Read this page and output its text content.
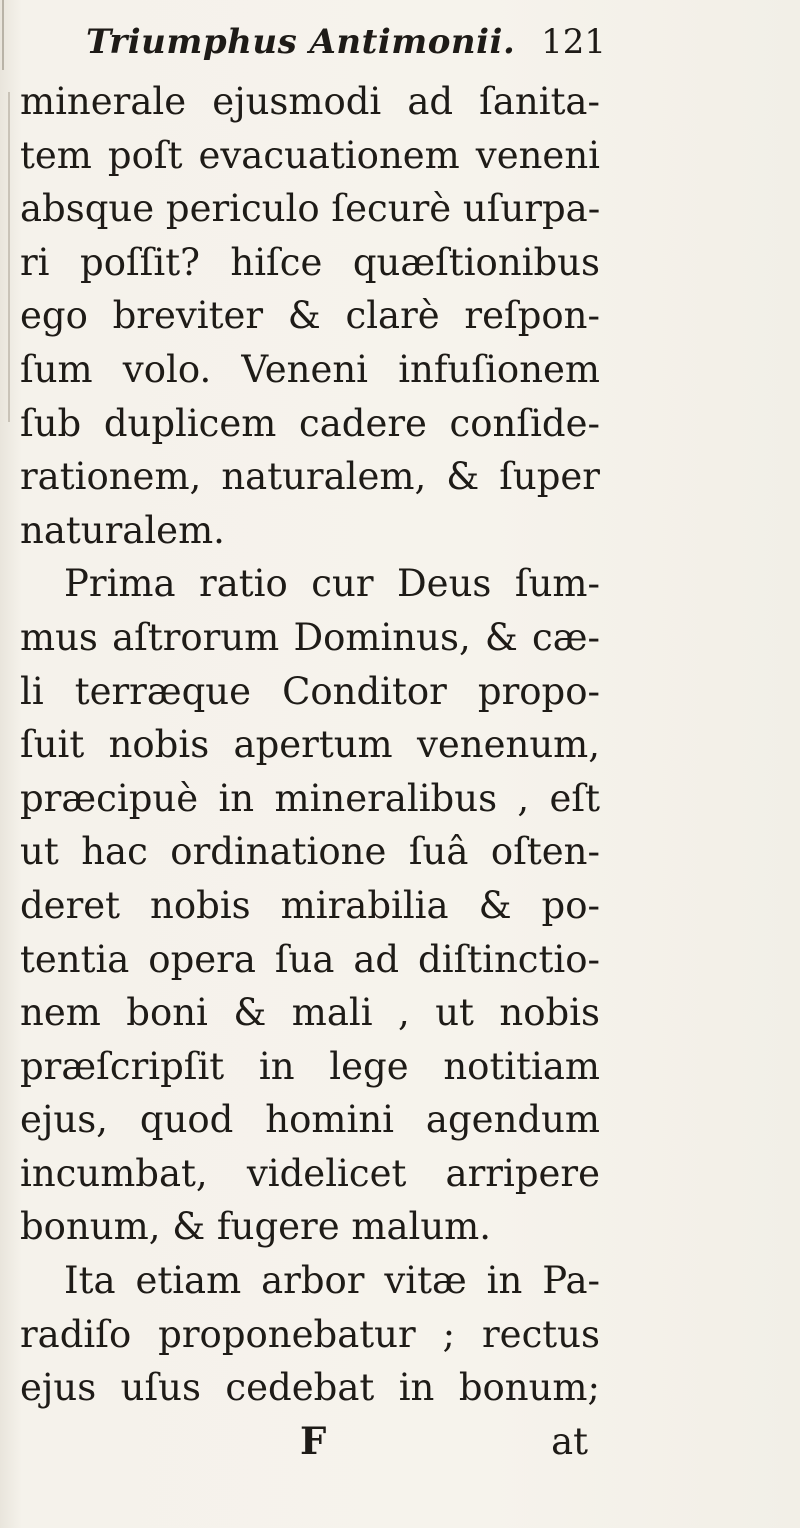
Triumphus Antimonii. 121
minerale ejusmodi ad ſanita-
tem poſt evacuationem veneni
absque periculo ſecurè uſurpa-
ri poſſit? hiſce quæſtionibus
ego breviter & clarè reſpon-
ſum volo. Veneni infuſionem
ſub duplicem cadere conſide-
rationem, naturalem, & ſuper
naturalem.
Prima ratio cur Deus ſum-
mus aſtrorum Dominus, & cæ-
li terræque Conditor propo-
ſuit nobis apertum venenum,
præcipuè in mineralibus , eſt
ut hac ordinatione ſuâ oſten-
deret nobis mirabilia & po-
tentia opera ſua ad diſtinctio-
nem boni & mali , ut nobis
præſcripſit in lege notitiam
ejus, quod homini agendum
incumbat, videlicet arripere
bonum, & fugere malum.
Ita etiam arbor vitæ in Pa-
radiſo proponebatur ; rectus
ejus uſus cedebat in bonum;
F	at
